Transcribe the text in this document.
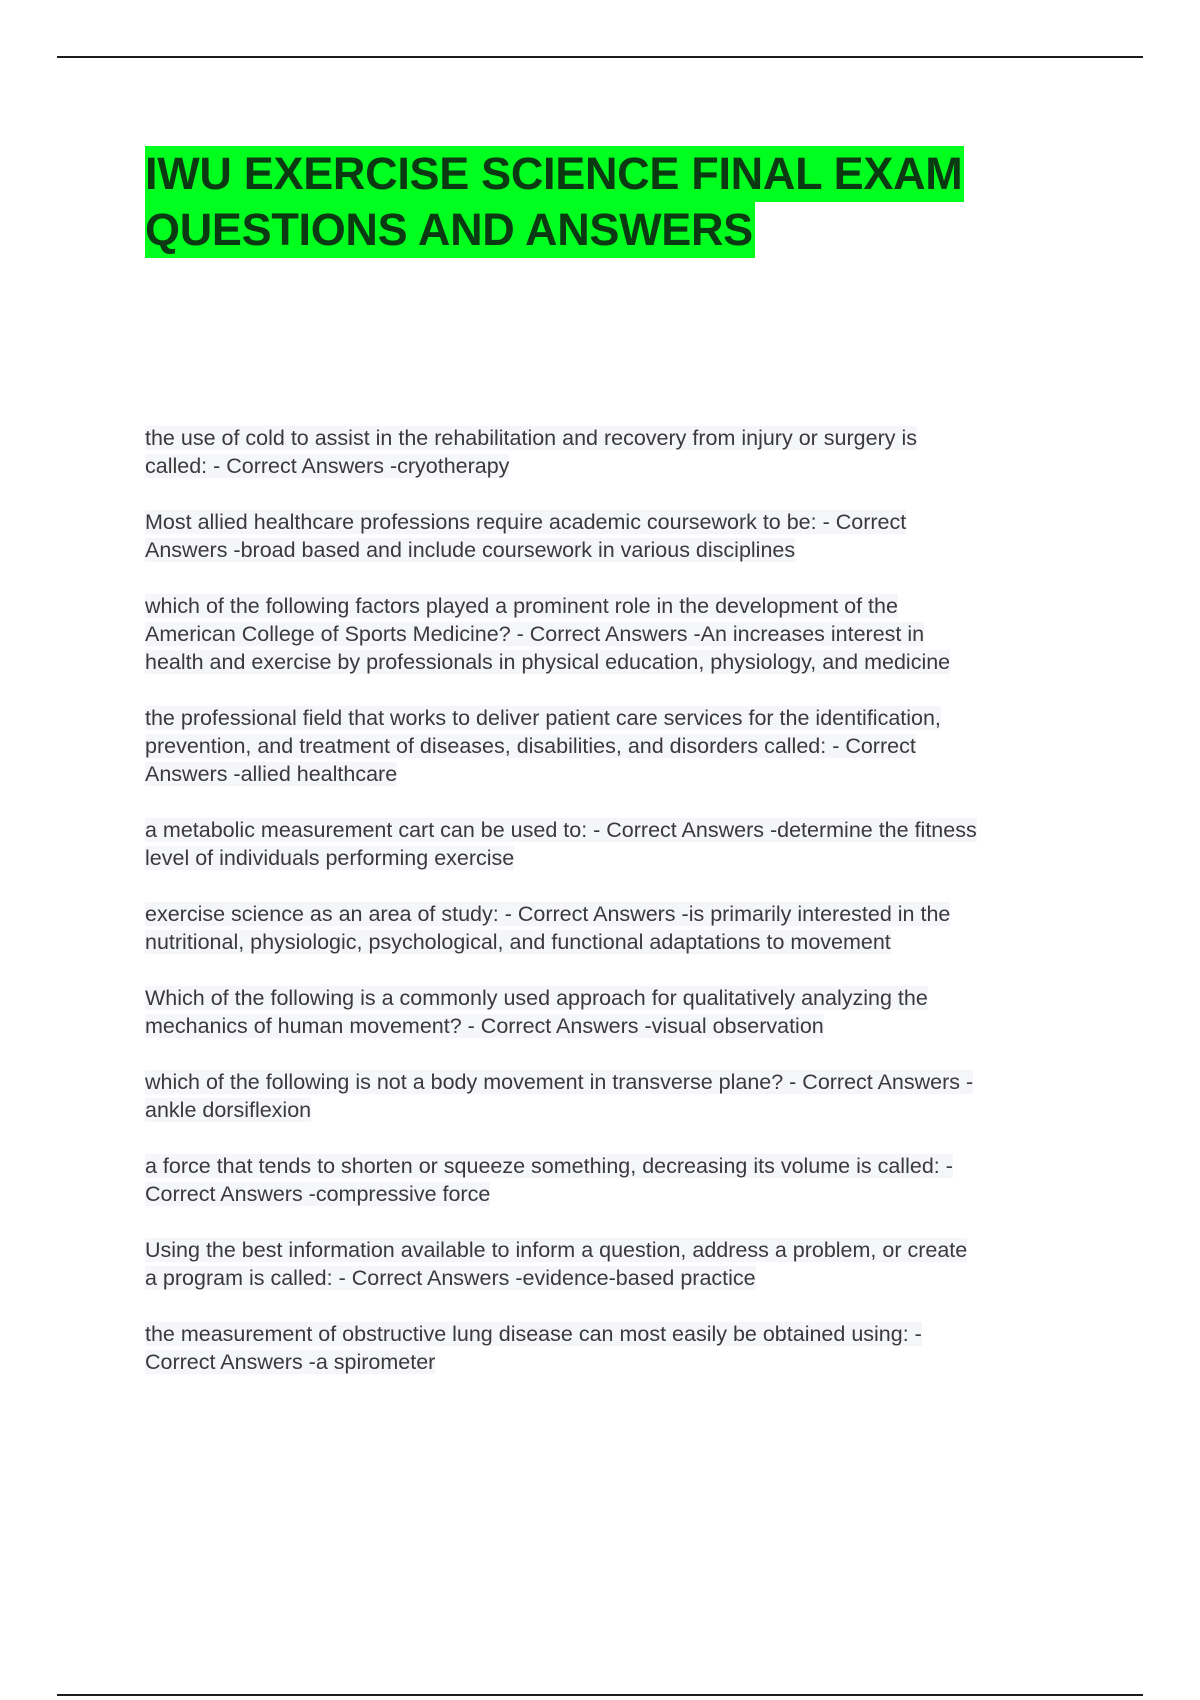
IWU EXERCISE SCIENCE FINAL EXAM
QUESTIONS AND ANSWERS
the use of cold to assist in the rehabilitation and recovery from injury or surgery is
called: - Correct Answers -cryotherapy
Most allied healthcare professions require academic coursework to be: - Correct
Answers -broad based and include coursework in various disciplines
which of the following factors played a prominent role in the development of the
American College of Sports Medicine? - Correct Answers -An increases interest in
health and exercise by professionals in physical education, physiology, and medicine
the professional field that works to deliver patient care services for the identification,
prevention, and treatment of diseases, disabilities, and disorders called: - Correct
Answers -allied healthcare
a metabolic measurement cart can be used to: - Correct Answers -determine the fitness
level of individuals performing exercise
exercise science as an area of study: - Correct Answers -is primarily interested in the
nutritional, physiologic, psychological, and functional adaptations to movement
Which of the following is a commonly used approach for qualitatively analyzing the
mechanics of human movement? - Correct Answers -visual observation
which of the following is not a body movement in transverse plane? - Correct Answers -
ankle dorsiflexion
a force that tends to shorten or squeeze something, decreasing its volume is called: -
Correct Answers -compressive force
Using the best information available to inform a question, address a problem, or create
a program is called: - Correct Answers -evidence-based practice
the measurement of obstructive lung disease can most easily be obtained using: -
Correct Answers -a spirometer
